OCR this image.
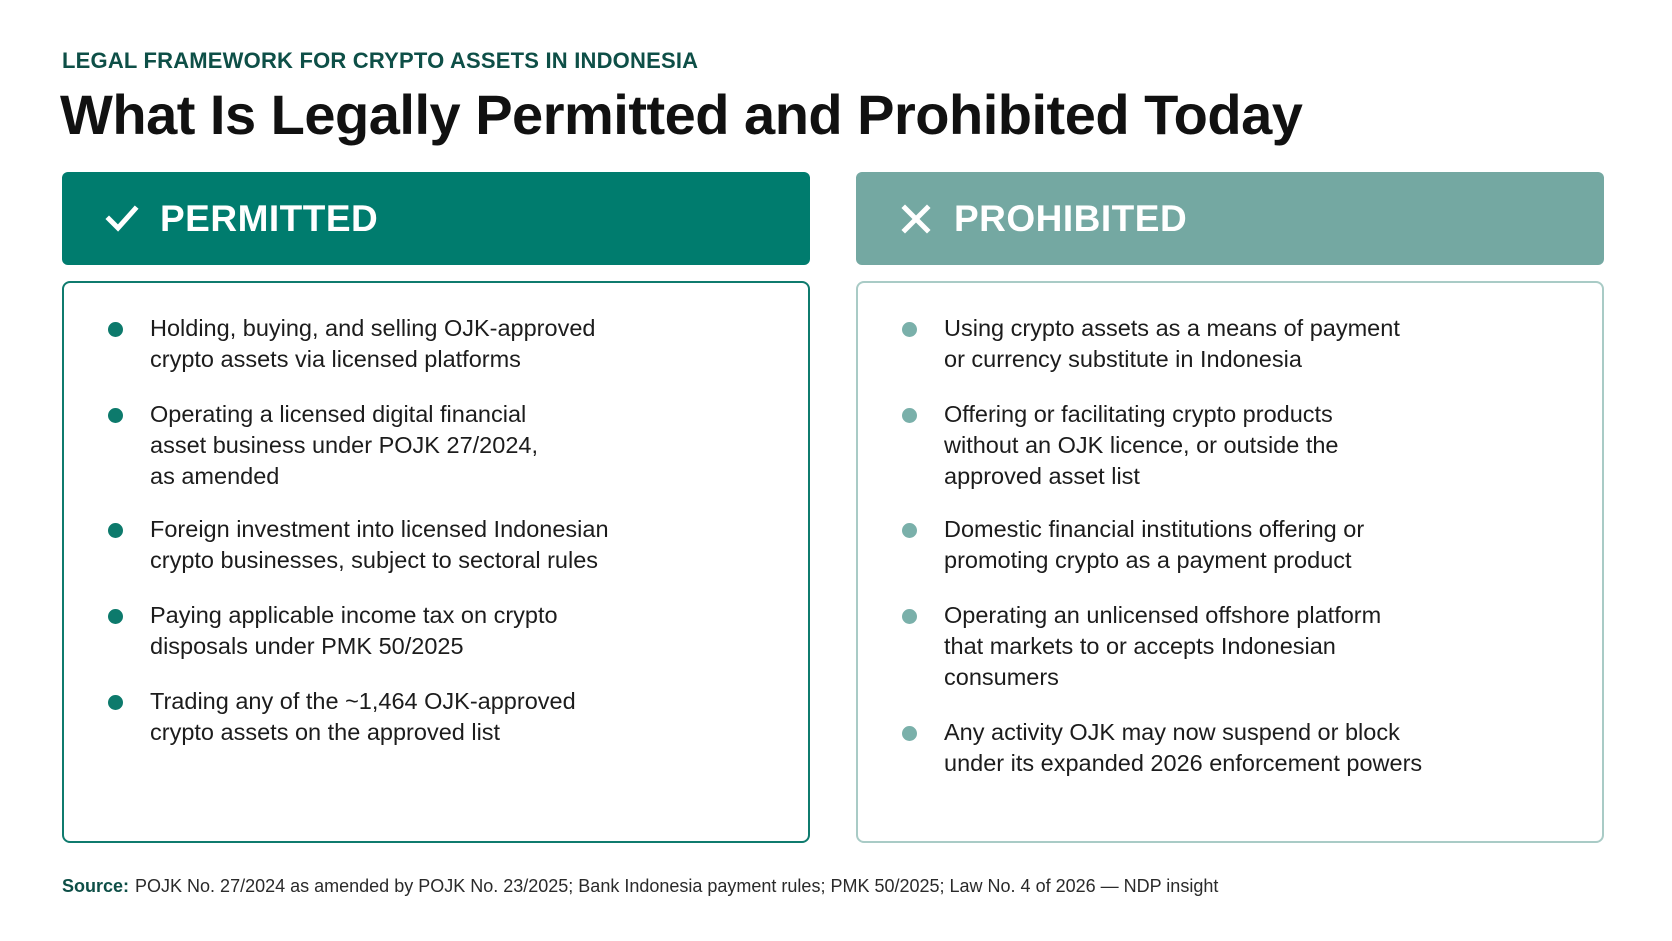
LEGAL FRAMEWORK FOR CRYPTO ASSETS IN INDONESIA
What Is Legally Permitted and Prohibited Today
PERMITTED
Holding, buying, and selling OJK-approved
crypto assets via licensed platforms
Operating a licensed digital financial
asset business under POJK 27/2024,
as amended
Foreign investment into licensed Indonesian
crypto businesses, subject to sectoral rules
Paying applicable income tax on crypto
disposals under PMK 50/2025
Trading any of the ~1,464 OJK-approved
crypto assets on the approved list
PROHIBITED
Using crypto assets as a means of payment
or currency substitute in Indonesia
Offering or facilitating crypto products
without an OJK licence, or outside the
approved asset list
Domestic financial institutions offering or
promoting crypto as a payment product
Operating an unlicensed offshore platform
that markets to or accepts Indonesian
consumers
Any activity OJK may now suspend or block
under its expanded 2026 enforcement powers
Source: POJK No. 27/2024 as amended by POJK No. 23/2025; Bank Indonesia payment rules; PMK 50/2025; Law No. 4 of 2026 — NDP insight
